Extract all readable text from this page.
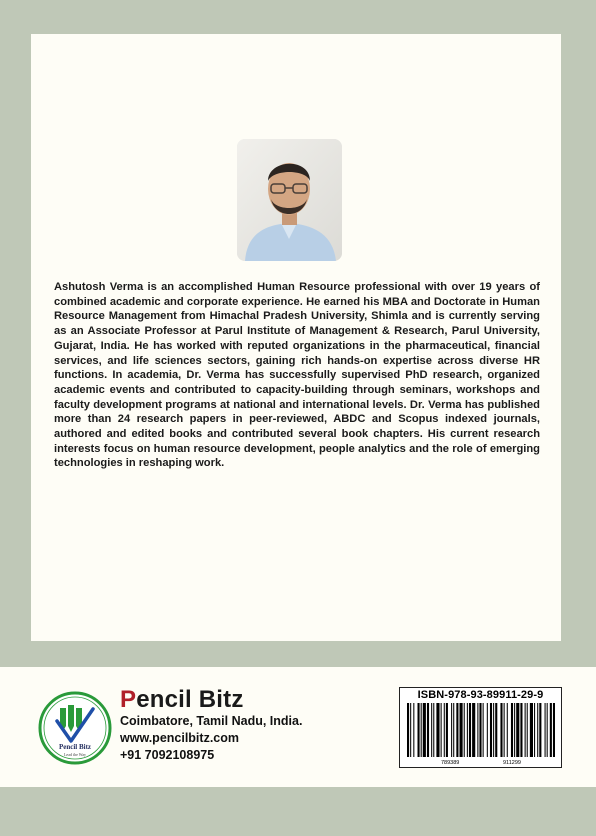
Ashutosh Verma is an accomplished Human Resource professional with over 19 years of combined academic and corporate experience. He earned his MBA and Doctorate in Human Resource Management from Himachal Pradesh University, Shimla and is currently serving as an Associate Professor at Parul Institute of Management & Research, Parul University, Gujarat, India. He has worked with reputed organizations in the pharmaceutical, financial services, and life sciences sectors, gaining rich hands-on expertise across diverse HR functions. In academia, Dr. Verma has successfully supervised PhD research, organized academic events and contributed to capacity-building through seminars, workshops and faculty development programs at national and international levels. Dr. Verma has published more than 24 research papers in peer-reviewed, ABDC and Scopus indexed journals, authored and edited books and contributed several book chapters. His current research interests focus on human resource development, people analytics and the role of emerging technologies in reshaping work.

Pencil Bitz
Lead the Way

Pencil Bitz

Coimbatore, Tamil Nadu, India.

www.pencilbitz.com

+91 7092108975

ISBN-978-93-89911-29-9
789389	911299
